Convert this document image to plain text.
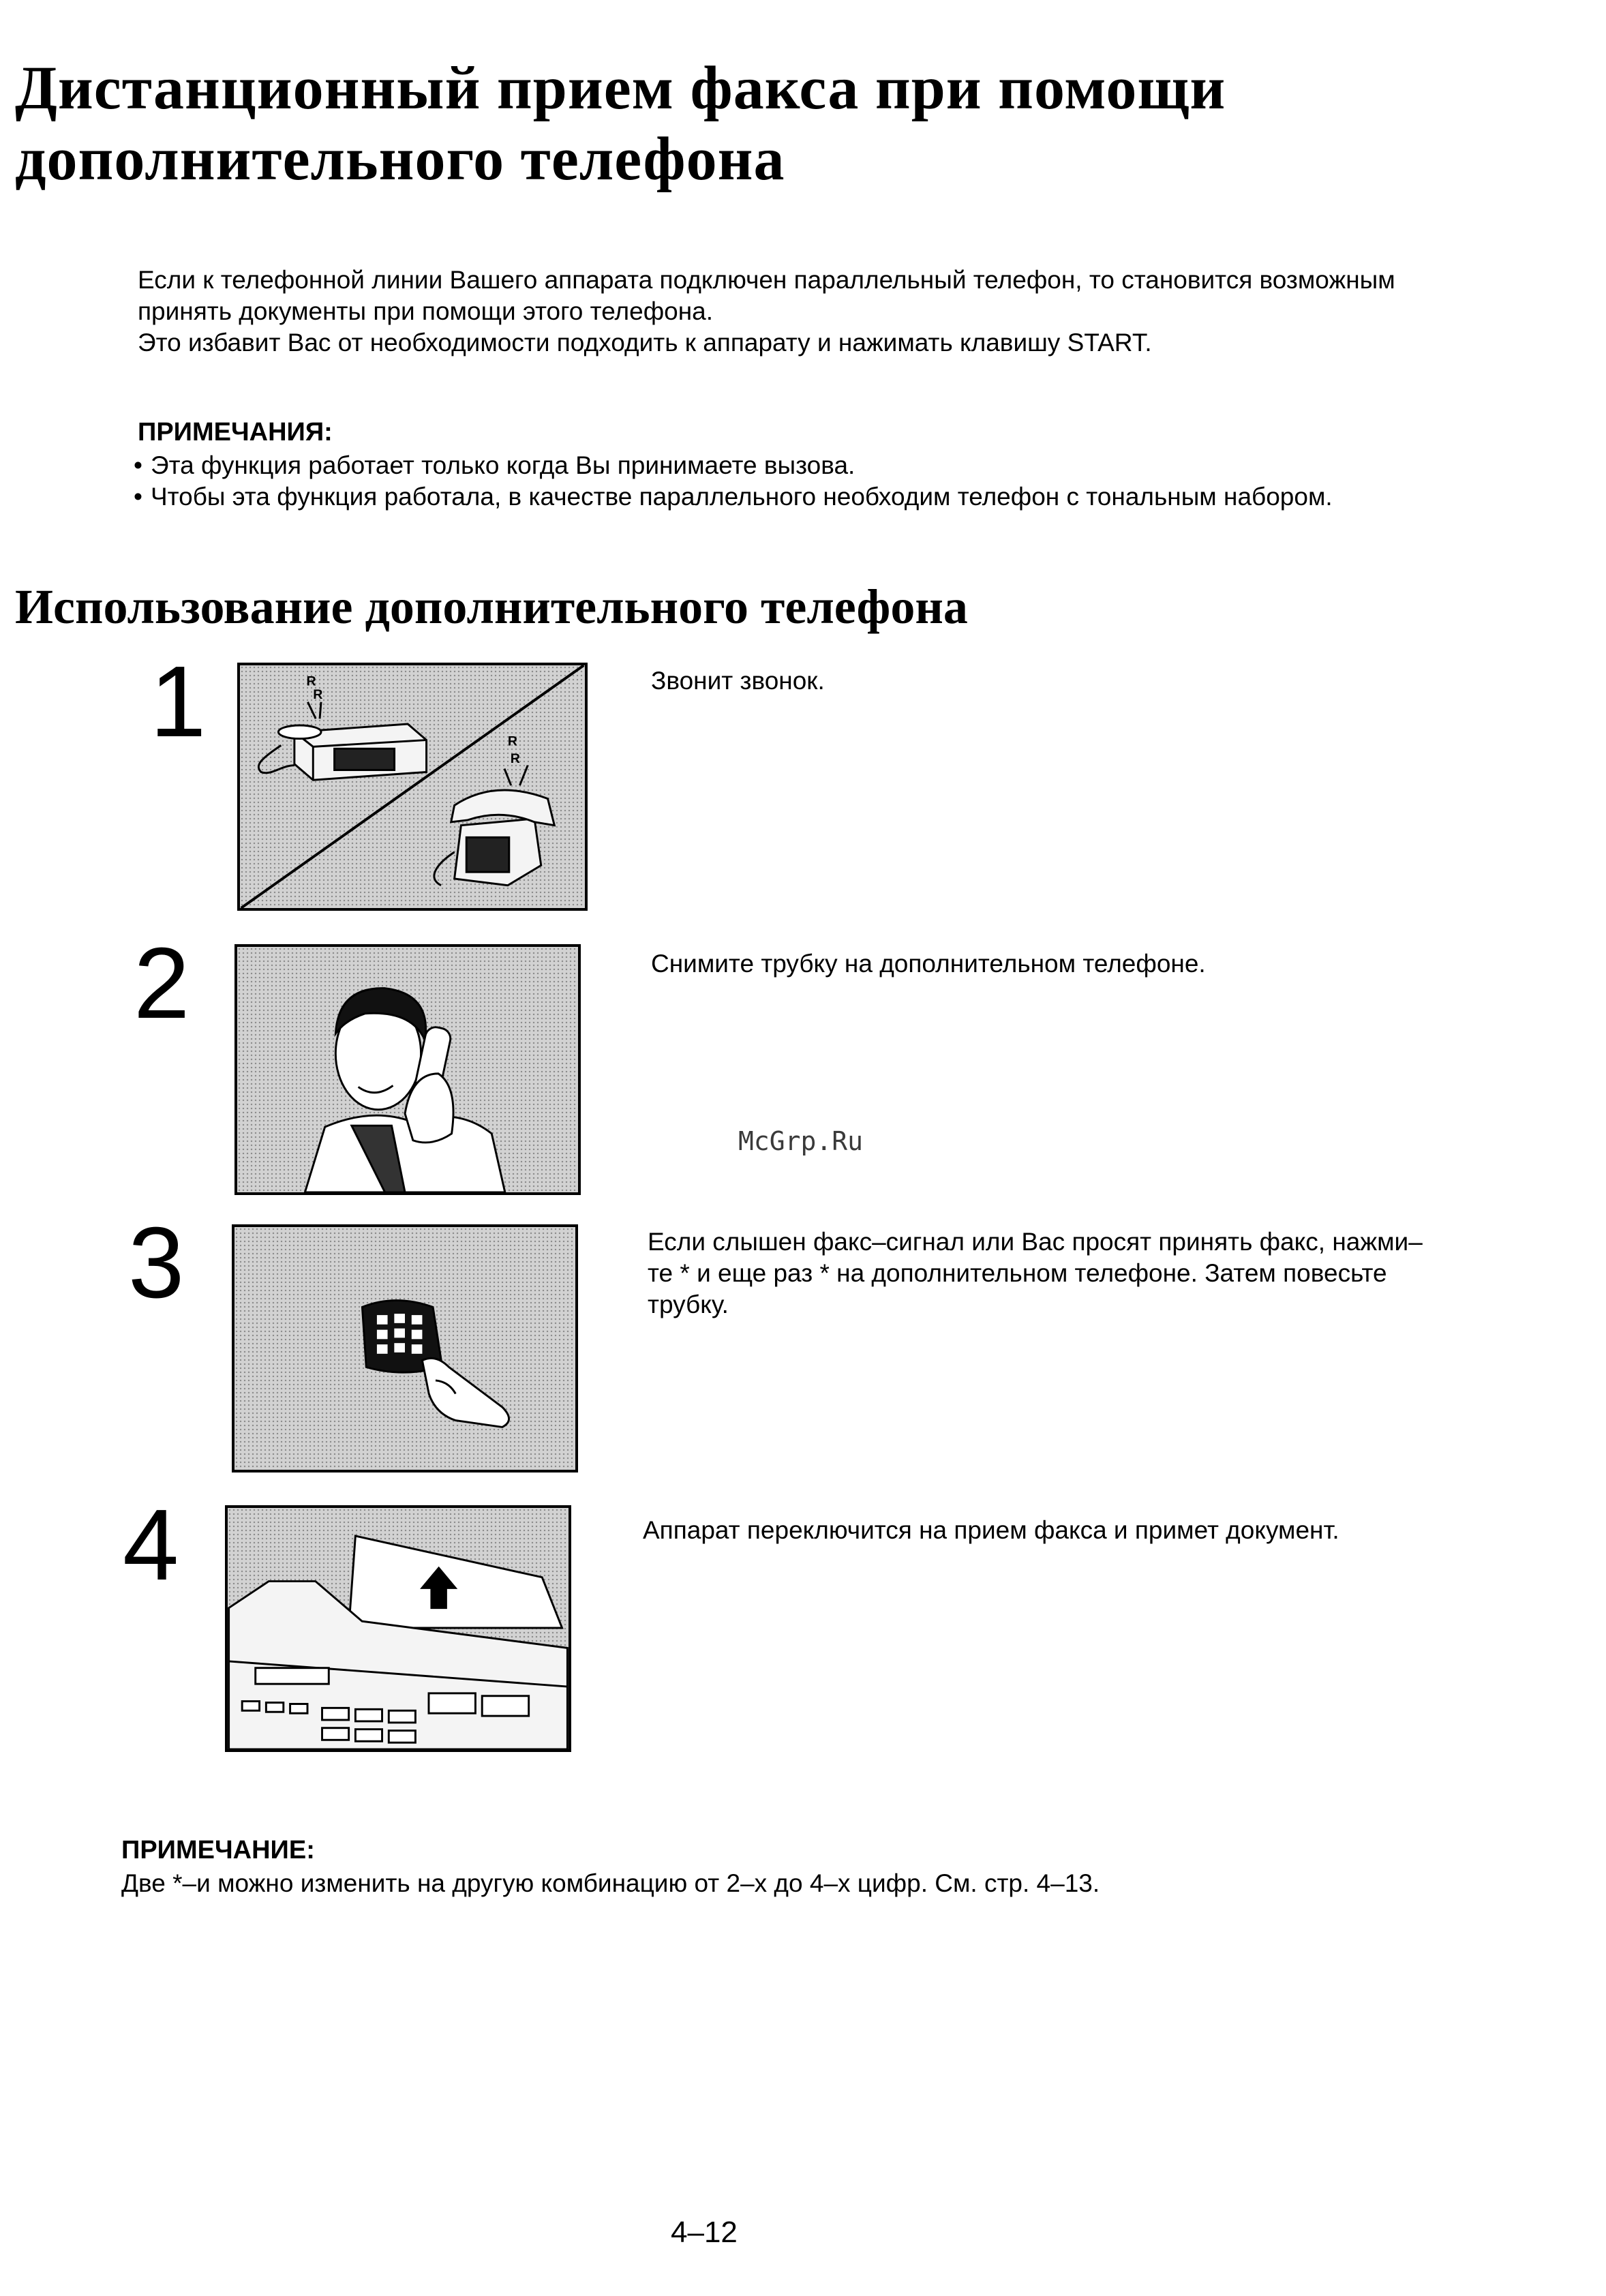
Дистанционный прием факса при помощи
дополнительного телефона
Если к телефонной линии Вашего аппарата подключен параллельный телефон, то становится возможным
принять документы при помощи этого телефона.
Это избавит Вас от необходимости подходить к аппарату и нажимать клавишу START.
ПРИМЕЧАНИЯ:
• Эта функция работает только когда Вы принимаете вызова.
• Чтобы эта функция работала, в качестве параллельного необходим телефон с тональным набором.
Использование дополнительного телефона
1	R
R
R
R
Звонит звонок.
2	Снимите трубку на дополнительном телефоне.
3	Если слышен факс–сигнал или Вас просят принять факс, нажми–
те * и еще раз * на дополнительном телефоне. Затем повесьте
трубку.
4	Аппарат переключится на прием факса и примет документ.
McGrp.Ru
ПРИМЕЧАНИЕ:
Две *–и можно изменить на другую комбинацию от 2–х до 4–х цифр. См. стр. 4–13.
4–12
